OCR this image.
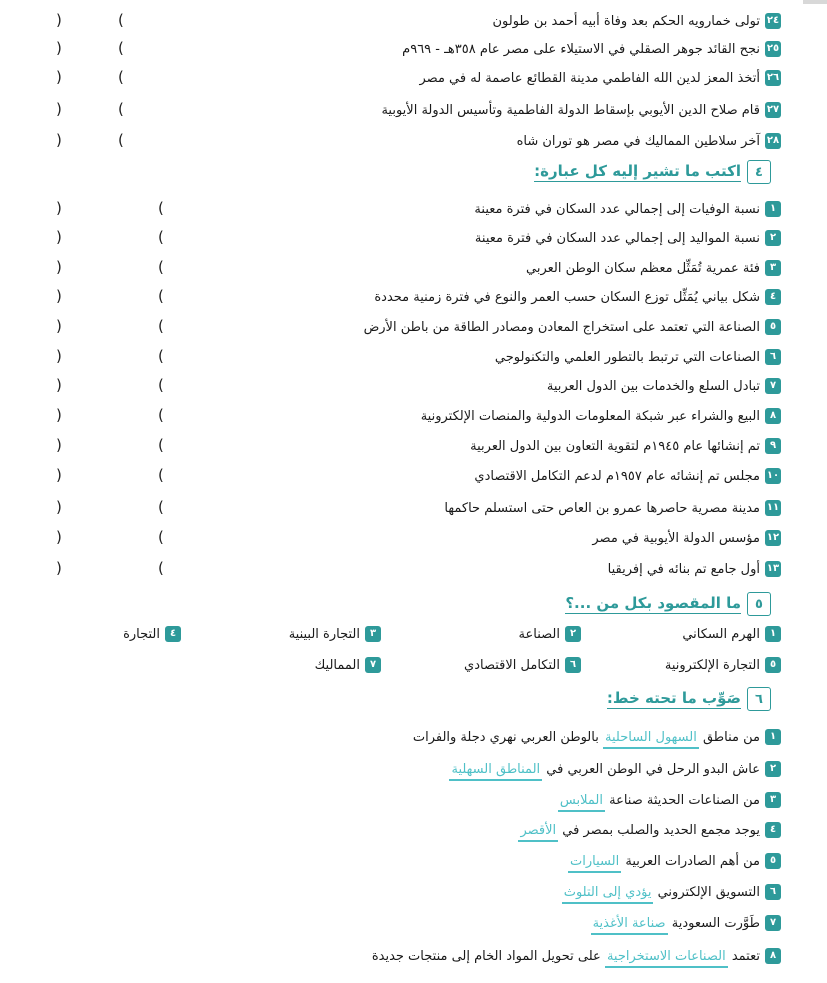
٢٤
تولى خمارويه الحكم بعد وفاة أبيه أحمد بن طولون
(
)
٢٥
نجح القائد جوهر الصقلي في الاستيلاء على مصر عام ٣٥٨هـ - ٩٦٩م
(
)
٢٦
أتخذ المعز لدين الله الفاطمي مدينة القطائع عاصمة له في مصر
(
)
٢٧
قام صلاح الدين الأيوبي بإسقاط الدولة الفاطمية وتأسيس الدولة الأيوبية
(
)
٢٨
آخر سلاطين المماليك في مصر هو توران شاه
(
)
٤
اكتب ما تشير إليه كل عبارة:
١
نسبة الوفيات إلى إجمالي عدد السكان في فترة معينة
(
)
٢
نسبة المواليد إلى إجمالي عدد السكان في فترة معينة
(
)
٣
فئة عمرية تُمَثِّل معظم سكان الوطن العربي
(
)
٤
شكل بياني يُمَثِّل توزع السكان حسب العمر والنوع في فترة زمنية محددة
(
)
٥
الصناعة التي تعتمد على استخراج المعادن ومصادر الطاقة من باطن الأرض
(
)
٦
الصناعات التي ترتبط بالتطور العلمي والتكنولوجي
(
)
٧
تبادل السلع والخدمات بين الدول العربية
(
)
٨
البيع والشراء عبر شبكة المعلومات الدولية والمنصات الإلكترونية
(
)
٩
تم إنشائها عام ١٩٤٥م لتقوية التعاون بين الدول العربية
(
)
١٠
مجلس تم إنشائه عام ١٩٥٧م لدعم التكامل الاقتصادي
(
)
١١
مدينة مصرية حاصرها عمرو بن العاص حتى استسلم حاكمها
(
)
١٢
مؤسس الدولة الأيوبية في مصر
(
)
١٣
أول جامع تم بنائه في إفريقيا
(
)
٥
ما المقصود بكل من ...؟
١
الهرم السكاني
٢
الصناعة
٣
التجارة البينية
٤
التجارة
٥
التجارة الإلكترونية
٦
التكامل الاقتصادي
٧
المماليك
٦
صَوِّب ما تحته خط:
١
من مناطق السهول الساحلية بالوطن العربي نهري دجلة والفرات
٢
عاش البدو الرحل في الوطن العربي في المناطق السهلية
٣
من الصناعات الحديثة صناعة الملابس
٤
يوجد مجمع الحديد والصلب بمصر في الأقصر
٥
من أهم الصادرات العربية السيارات
٦
التسويق الإلكتروني يؤدي إلى التلوث
٧
طَوَّرت السعودية صناعة الأغذية
٨
تعتمد الصناعات الاستخراجية على تحويل المواد الخام إلى منتجات جديدة
